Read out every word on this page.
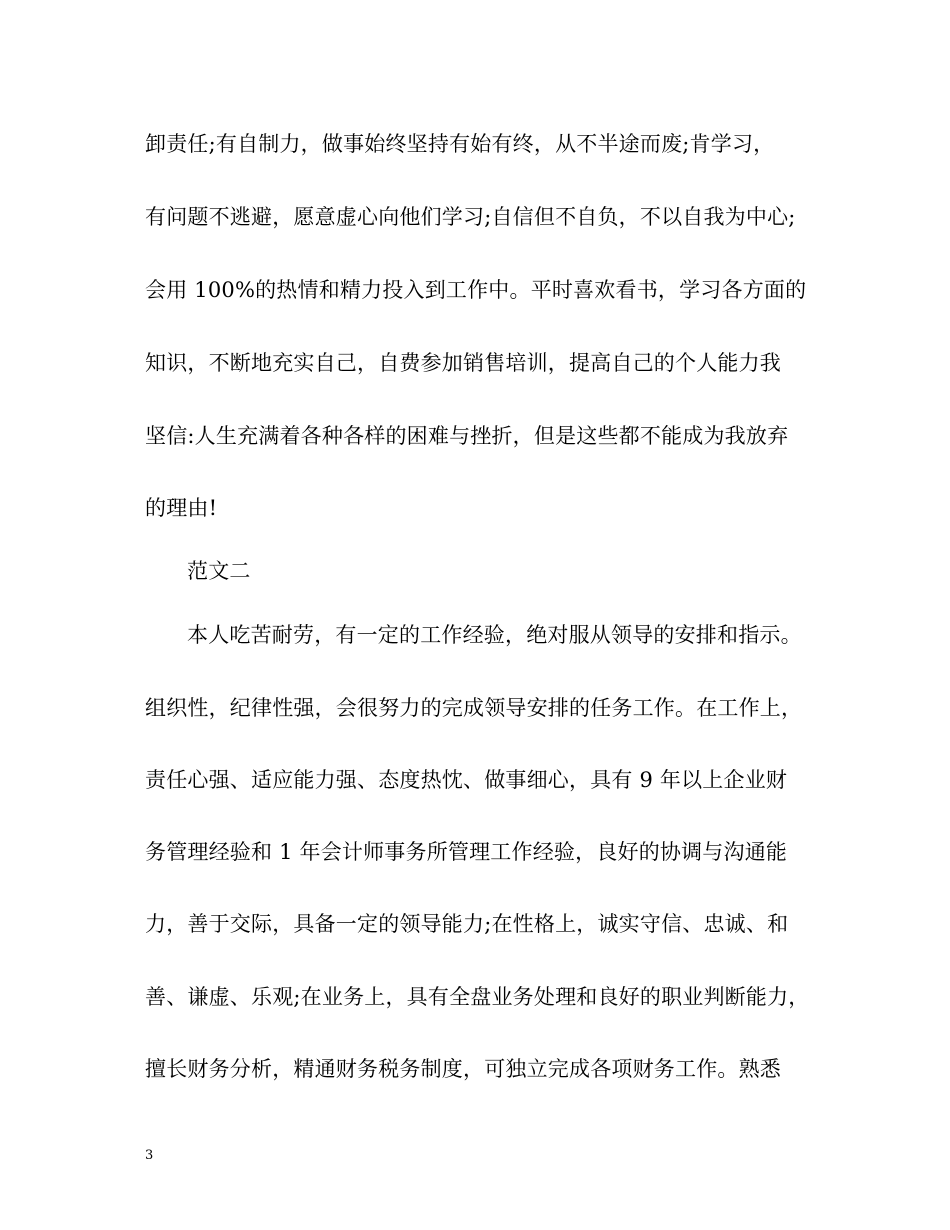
卸责任;有自制力，做事始终坚持有始有终，从不半途而废;肯学习，
有问题不逃避，愿意虚心向他们学习;自信但不自负，不以自我为中心;
会用 100%的热情和精力投入到工作中。平时喜欢看书，学习各方面的
知识，不断地充实自己，自费参加销售培训，提高自己的个人能力我
坚信:人生充满着各种各样的困难与挫折，但是这些都不能成为我放弃
的理由!
范文二
本人吃苦耐劳，有一定的工作经验，绝对服从领导的安排和指示。
组织性，纪律性强，会很努力的完成领导安排的任务工作。在工作上，
责任心强、适应能力强、态度热忱、做事细心，具有 9 年以上企业财
务管理经验和 1 年会计师事务所管理工作经验，良好的协调与沟通能
力，善于交际，具备一定的领导能力;在性格上，诚实守信、忠诚、和
善、谦虚、乐观;在业务上，具有全盘业务处理和良好的职业判断能力，
擅长财务分析，精通财务税务制度，可独立完成各项财务工作。熟悉
3
